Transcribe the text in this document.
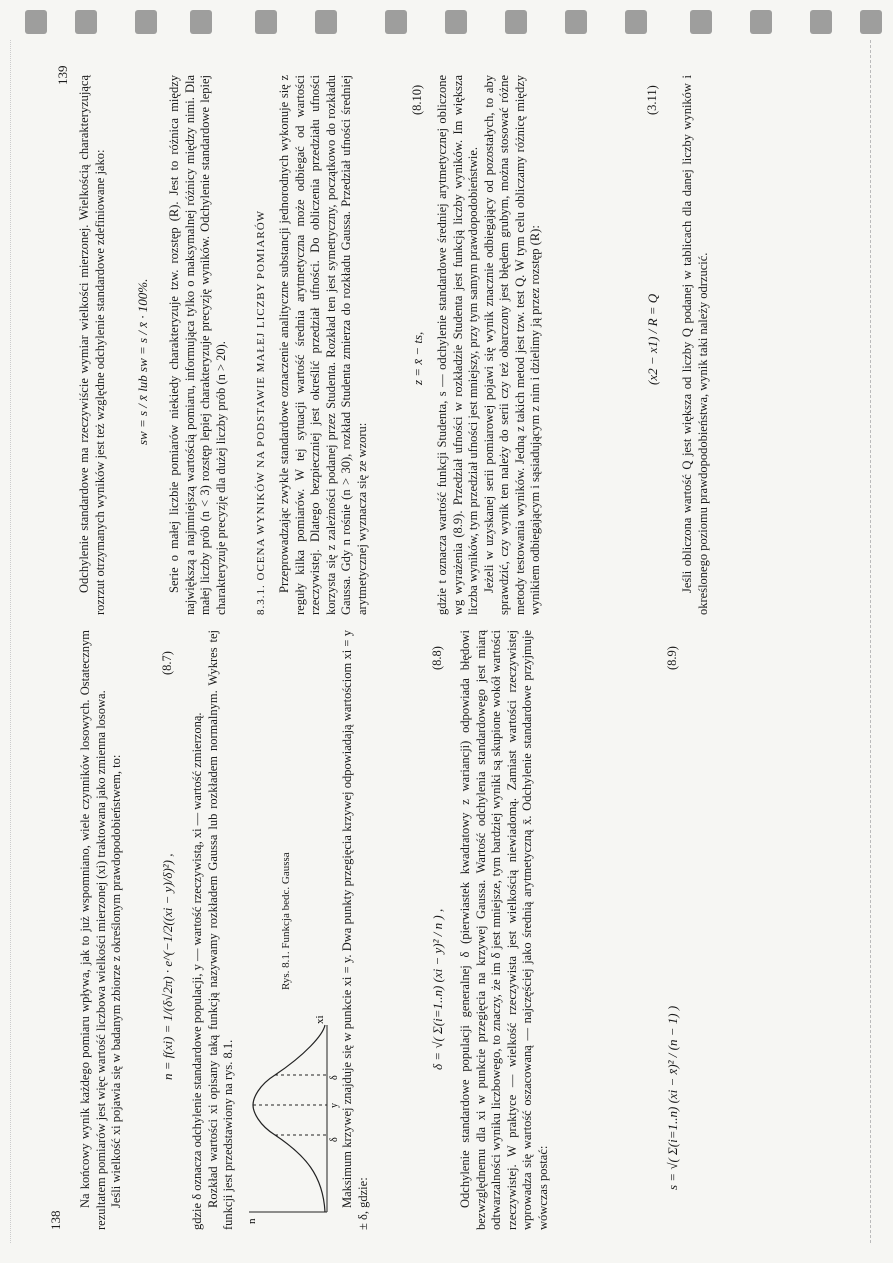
138

Na końcowy wynik każdego pomiaru wpływa, jak to już wspomniano, wiele czynników losowych. Ostatecznym rezultatem pomiarów jest więc wartość liczbowa wielkości mierzonej (xi) traktowana jako zmienna losowa. Jeśli wielkość xi pojawia się w badanym zbiorze z określonym prawdopodobieństwem, to:	n = f(xi) = 1/(δ√2π) · e^(−1/2((xi − y)/δ)²) ,
(8.7)

gdzie δ oznacza odchylenie standardowe populacji, y — wartość rzeczywistą, xi — wartość zmierzoną. Rozkład wartości xi opisany taką funkcją nazywamy rozkładem Gaussa lub rozkładem normalnym. Wykres tej funkcji jest przedstawiony na rys. 8.1. n
xi
δ
y
δ
Rys. 8.1. Funkcja bedc. Gaussa	Maksimum krzywej znajduje się w punkcie xi = y. Dwa punkty przegięcia krzywej odpowiadają wartościom xi = y ± δ, gdzie:

δ = √( Σ(i=1..n) (xi − y)² / n ) ,
(8.8) Odchylenie standardowe populacji generalnej δ (pierwiastek kwadratowy z wariancji) odpowiada błędowi bezwzględnemu dla xi w punkcie przegięcia na krzywej Gaussa. Wartość odchylenia standardowego jest miarą odtwarzalności wyniku liczbowego, to znaczy, że im δ jest mniejsze, tym bardziej wyniki są skupione wokół wartości rzeczywistej. W praktyce — wielkość rzeczywista jest wielkością niewiadomą. Zamiast wartości rzeczywistej wprowadza się wartość oszacowaną — najczęściej jako średnią arytmetyczną x̄. Odchylenie standardowe przyjmuje wówczas postać:	s = √( Σ(i=1..n) (xi − x̄)² / (n − 1) )
(8.9)
139 Odchylenie standardowe ma rzeczywiście wymiar wielkości mierzonej. Wielkością charakteryzującą rozrzut otrzymanych wyników jest też względne odchylenie standardowe zdefiniowane jako: sw = s / x̄ lub sw = s / x̄ · 100%. Serie o małej liczbie pomiarów niekiedy charakteryzuje tzw. rozstęp (R). Jest to różnica między największą a najmniejszą wartością pomiaru, informująca tylko o maksymalnej różnicy między nimi. Dla małej liczby prób (n < 3) rozstęp lepiej charakteryzuje precyzję wyników. Odchylenie standardowe lepiej charakteryzuje precyzję dla dużej liczby prób (n > 20).	8.3.1. OCENA WYNIKÓW NA PODSTAWIE MAŁEJ LICZBY POMIARÓW Przeprowadzając zwykle standardowe oznaczenie analityczne substancji jednorodnych wykonuje się z reguły kilka pomiarów. W tej sytuacji wartość średnia arytmetyczna może odbiegać od wartości rzeczywistej. Dlatego bezpieczniej jest określić przedział ufności. Do obliczenia przedziału ufności korzysta się z zależności podanej przez Studenta. Rozkład ten jest symetryczny, początkowo do rozkładu Gaussa. Gdy n rośnie (n > 30), rozkład Studenta zmierza do rozkładu Gaussa. Przedział ufności średniej arytmetycznej wyznacza się ze wzoru:

z = x̄ − ts,
(8.10) gdzie t oznacza wartość funkcji Studenta, s — odchylenie standardowe średniej arytmetycznej obliczone wg wyrażenia (8.9). Przedział ufności w rozkładzie Studenta jest funkcją liczby wyników. Im większa liczba wyników, tym przedział ufności jest mniejszy, przy tym samym prawdopodobieństwie. Jeżeli w uzyskanej serii pomiarowej pojawi się wynik znacznie odbiegający od pozostałych, to aby sprawdzić, czy wynik ten należy do serii czy też obarczony jest błędem grubym, można stosować różne metody testowania wyników. Jedną z takich metod jest tzw. test Q. W tym celu obliczamy różnicę między wynikiem odbiegającym i sąsiadującym z nim i dzielimy ją przez rozstęp (R):	(x2 − x1) / R = Q
(3.11) Jeśli obliczona wartość Q jest większa od liczby Q podanej w tablicach dla danej liczby wyników i określonego poziomu prawdopodobieństwa, wynik taki należy odrzucić.
